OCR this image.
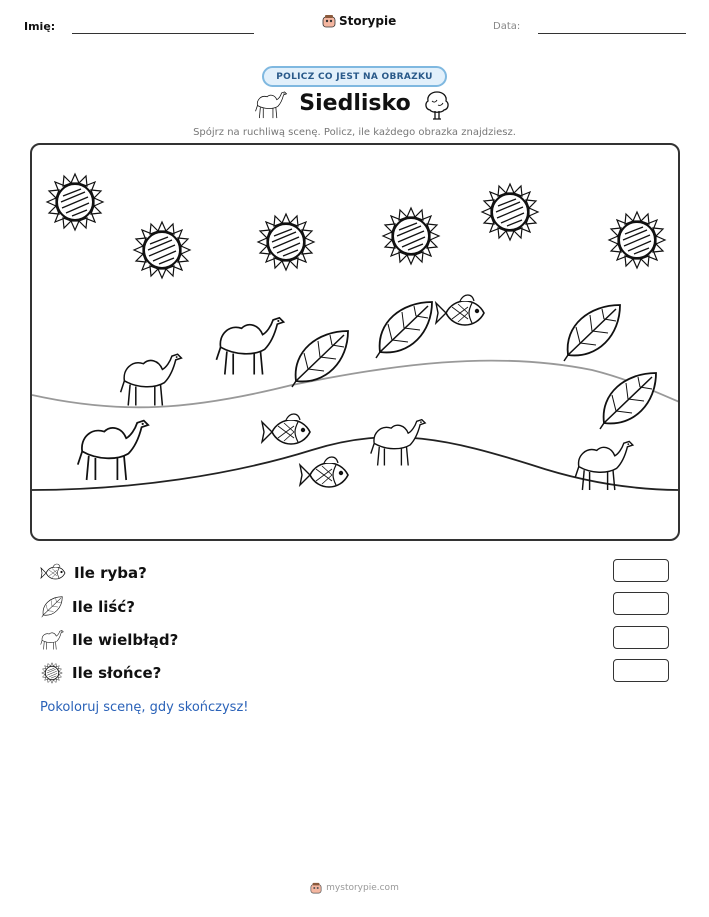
Imię:	Storypie	Data:
POLICZ CO JEST NA OBRAZKU
Siedlisko
Spójrz na ruchliwą scenę. Policz, ile każdego obrazka znajdziesz.
Ile ryba?
Ile liść?
Ile wielbłąd?
Ile słońce?
Pokoloruj scenę, gdy skończysz!
mystorypie.com
